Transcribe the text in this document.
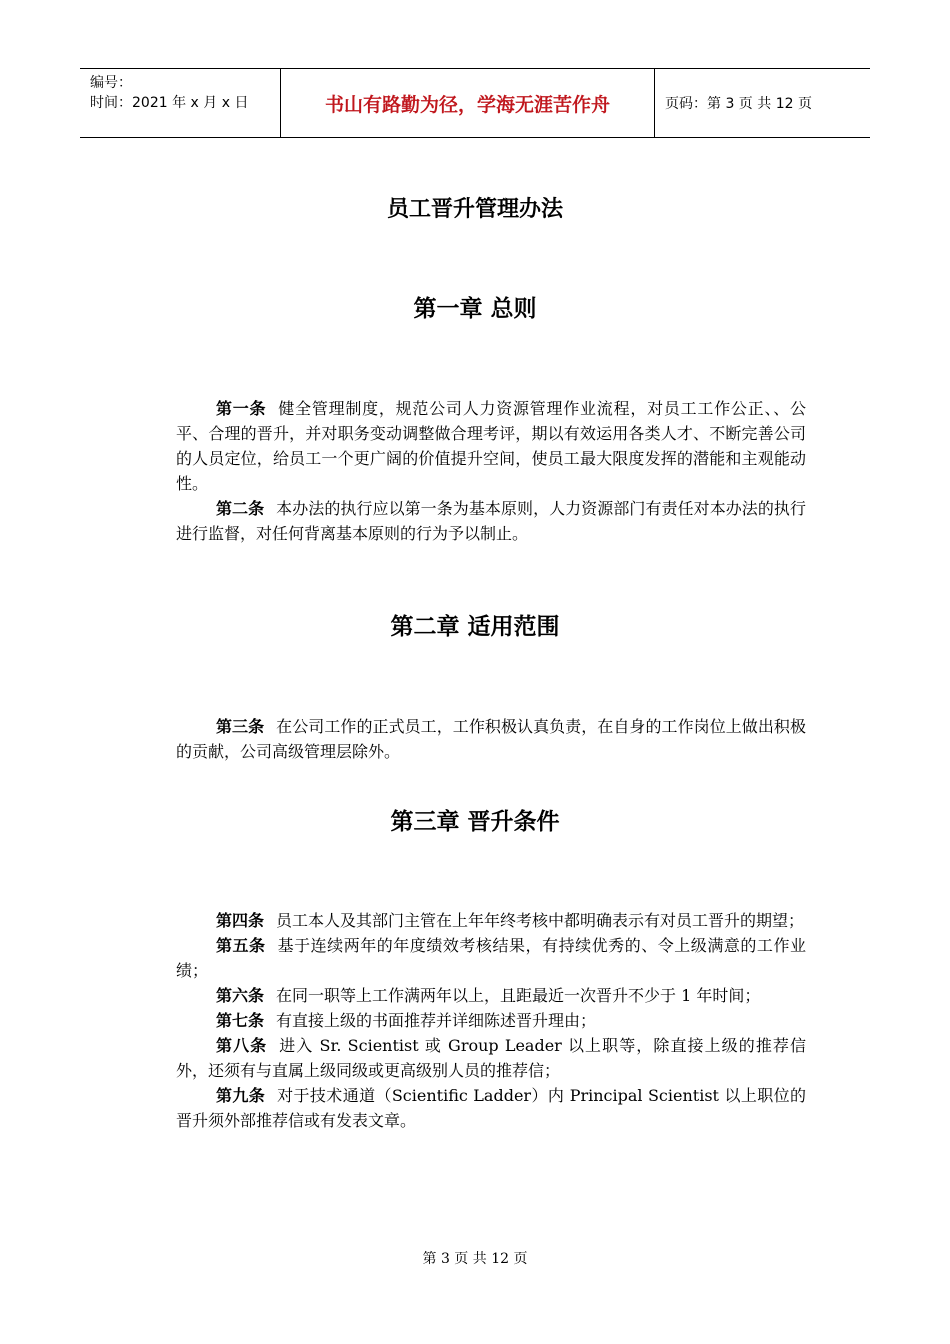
编号：
时间：2021 年 x 月 x 日	书山有路勤为径，学海无涯苦作舟	页码：第 3 页 共 12 页
员工晋升管理办法
第一章 总则

第一条 健全管理制度，规范公司人力资源管理作业流程，对员工工作公正、、公平、合理的晋升，并对职务变动调整做合理考评，期以有效运用各类人才、不断完善公司的人员定位，给员工一个更广阔的价值提升空间，使员工最大限度发挥的潜能和主观能动性。

第二条 本办法的执行应以第一条为基本原则，人力资源部门有责任对本办法的执行进行监督，对任何背离基本原则的行为予以制止。

第二章 适用范围

第三条 在公司工作的正式员工，工作积极认真负责，在自身的工作岗位上做出积极的贡献，公司高级管理层除外。

第三章 晋升条件

第四条 员工本人及其部门主管在上年年终考核中都明确表示有对员工晋升的期望；

第五条 基于连续两年的年度绩效考核结果，有持续优秀的、令上级满意的工作业绩；

第六条 在同一职等上工作满两年以上，且距最近一次晋升不少于 1 年时间；

第七条 有直接上级的书面推荐并详细陈述晋升理由；

第八条 进入 Sr. Scientist 或 Group Leader 以上职等，除直接上级的推荐信外，还须有与直属上级同级或更高级别人员的推荐信；

第九条 对于技术通道（Scientific Ladder）内 Principal Scientist 以上职位的晋升须外部推荐信或有发表文章。

第 3 页 共 12 页
